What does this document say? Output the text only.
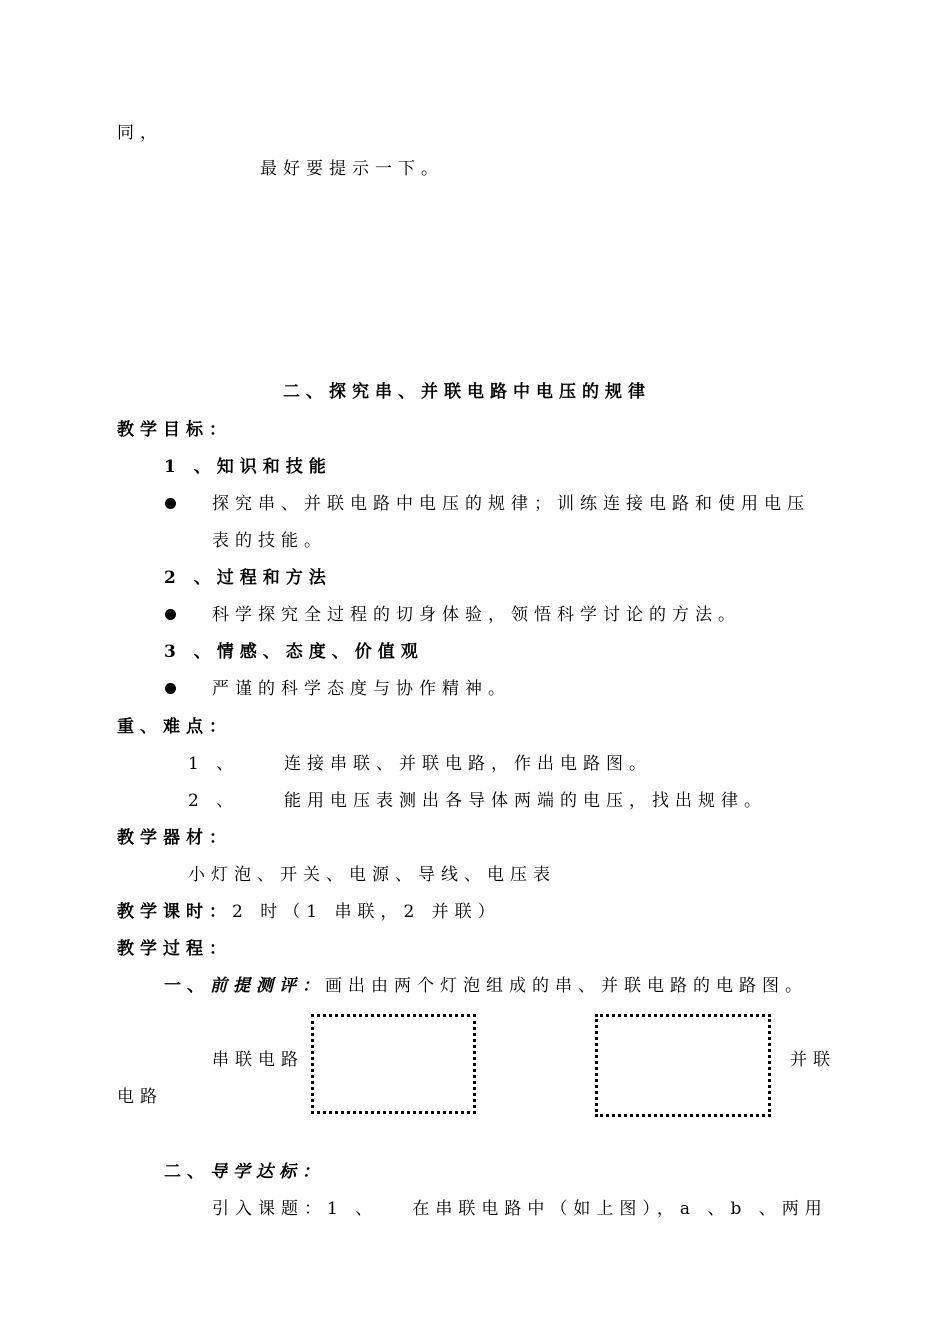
同，
最好要提示一下。
二、探究串、并联电路中电压的规律
教学目标：
1 、知识和技能
探究串、并联电路中电压的规律；训练连接电路和使用电压
表的技能。
2 、过程和方法
科学探究全过程的切身体验，领悟科学讨论的方法。
3 、情感、态度、价值观
严谨的科学态度与协作精神。
重、难点：
1 、	连接串联、并联电路，作出电路图。
2 、	能用电压表测出各导体两端的电压，找出规律。
教学器材：
小灯泡、开关、电源、导线、电压表
教学课时：2 时（1 串联，2 并联）
教学过程：
一、前提测评：画出由两个灯泡组成的串、并联电路的电路图。
串联电路	并联
电路
二、导学达标：
引入课题：1 、   在串联电路中（如上图），a 、b 、两用
